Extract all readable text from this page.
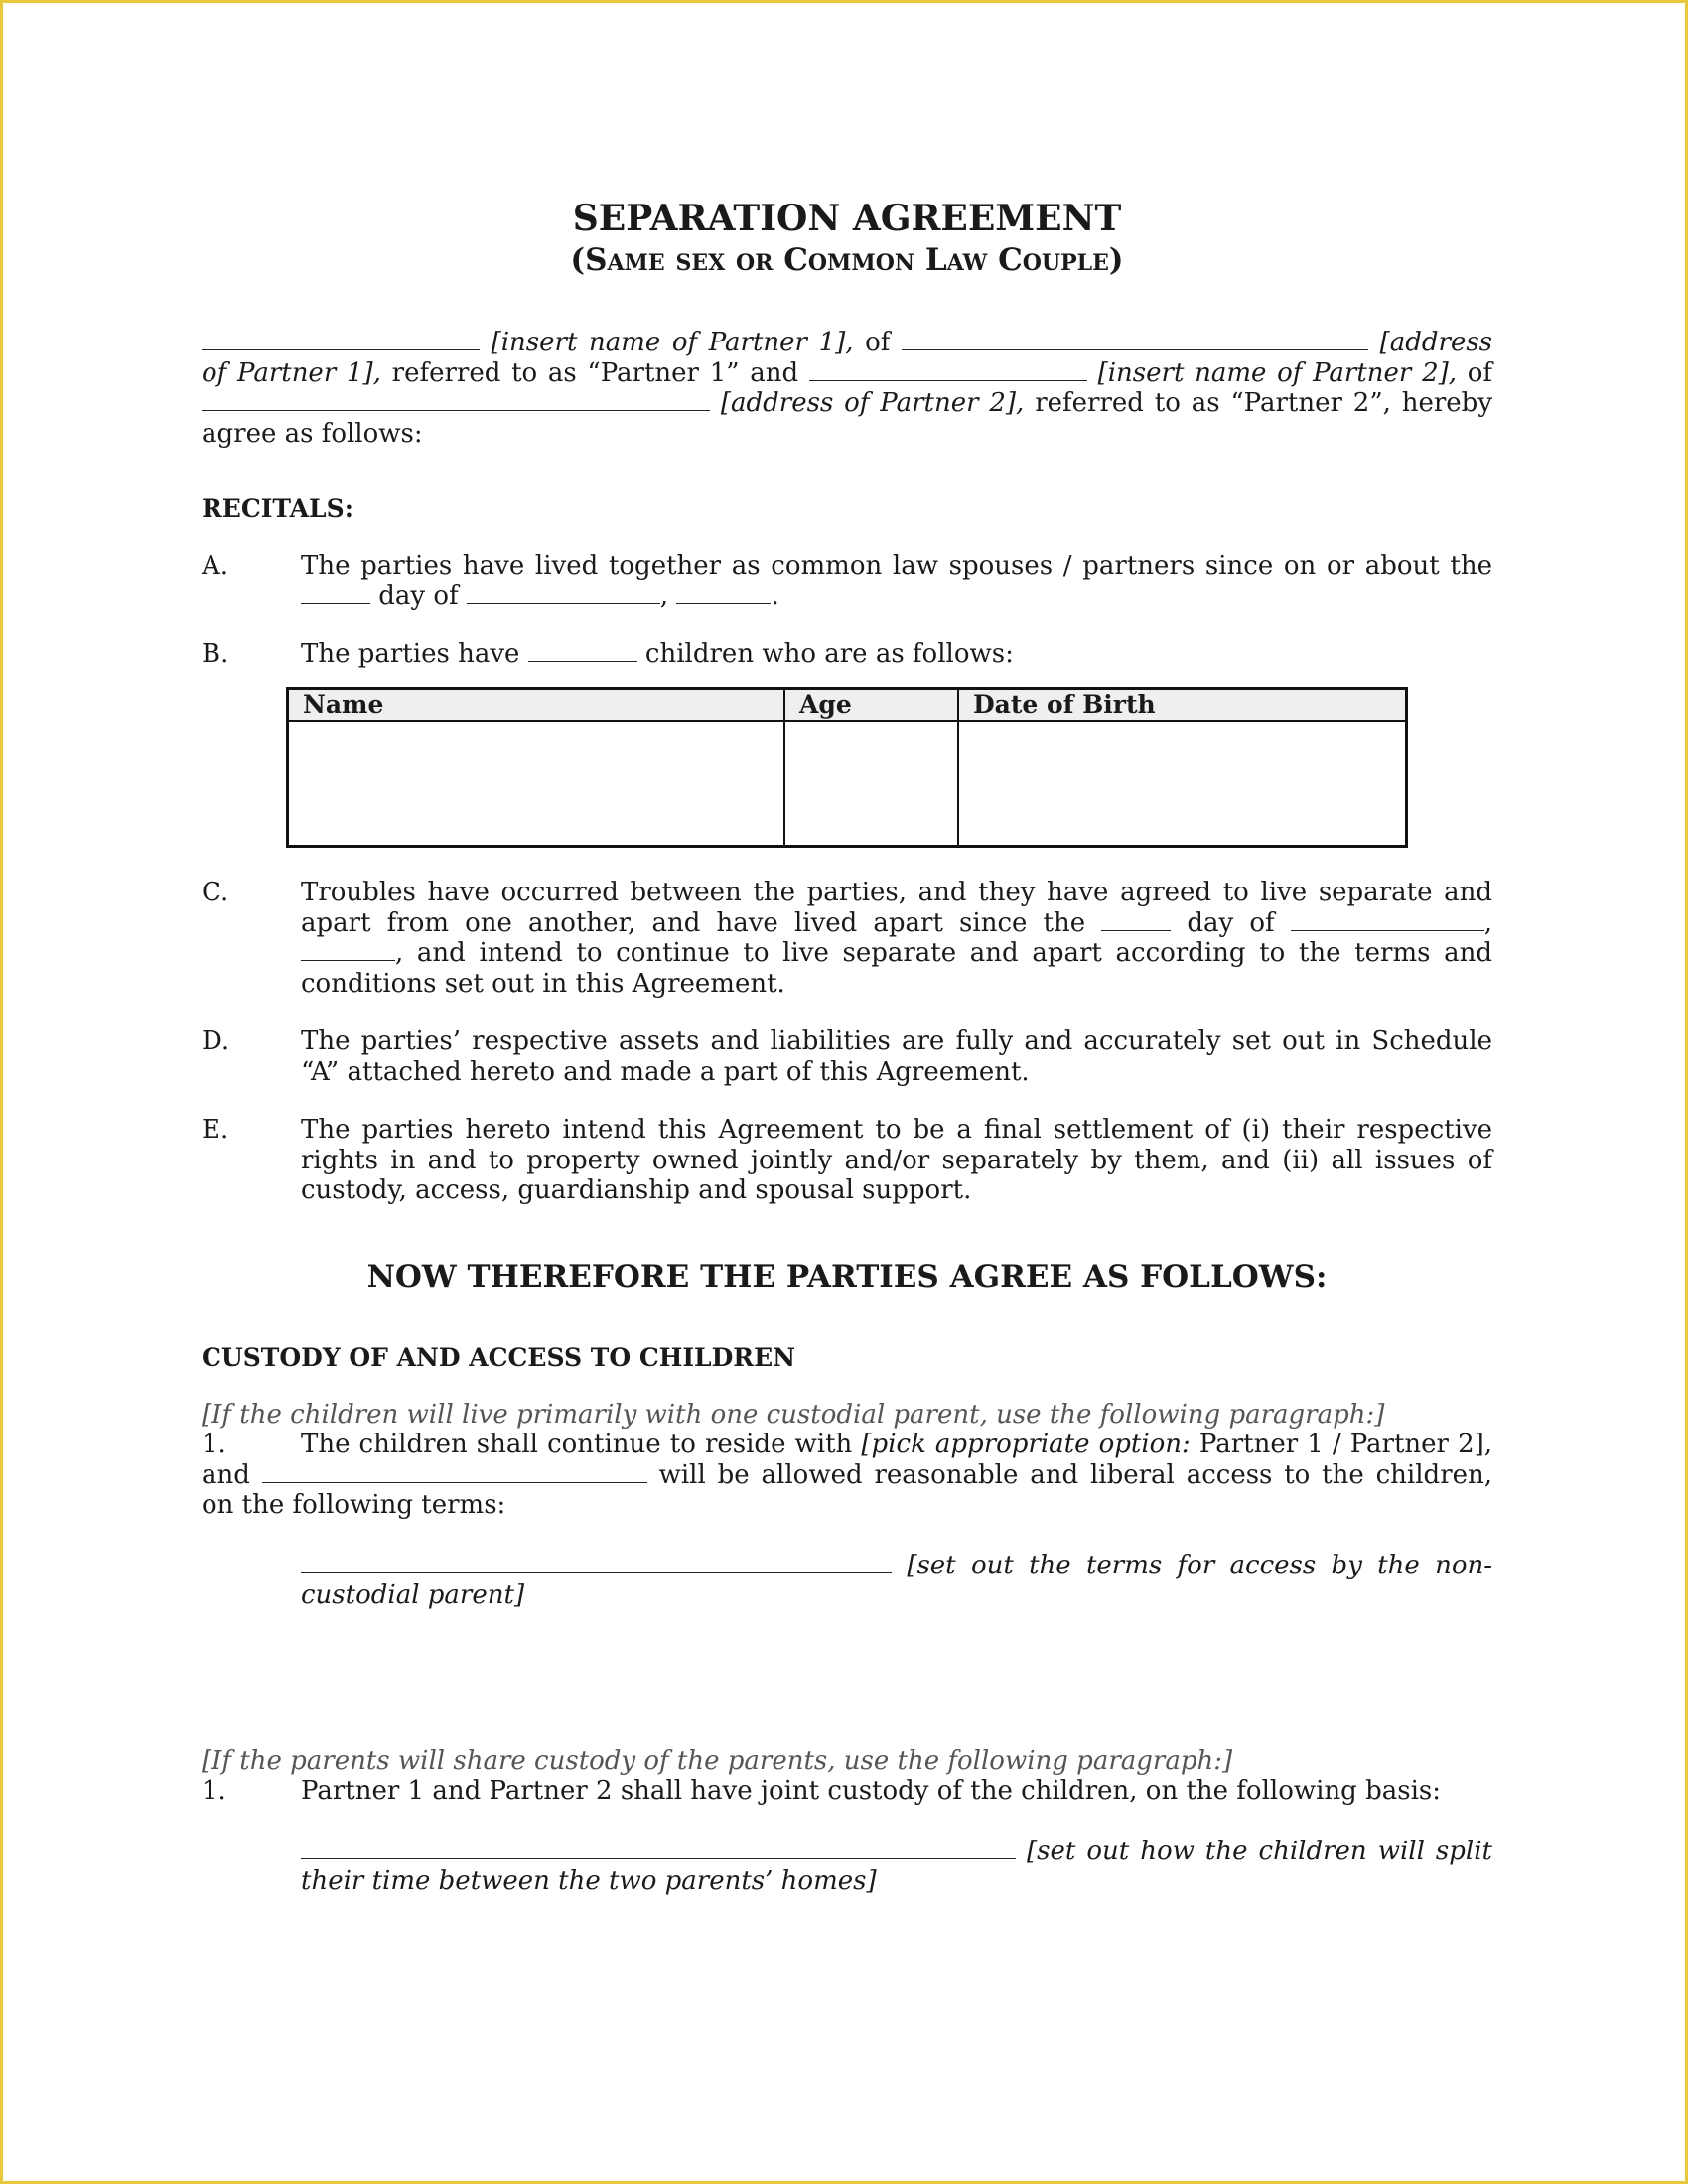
SEPARATION AGREEMENT

(Same sex or Common Law Couple)

[insert name of Partner 1], of	[address of Partner 1], referred to as “Partner 1” and	[insert name of Partner 2], of  [address of Partner 2], referred to as “Partner 2”, hereby agree as follows:

RECITALS:
A.	The parties have lived together as common law spouses / partners since on or about the  day of	,	.
B.	The parties have	children who are as follows:
Name	Age	Date of Birth

C.	Troubles have occurred between the parties, and they have agreed to live separate and apart from one another, and have lived apart since the	day of	, , and intend to continue to live separate and apart according to the terms and conditions set out in this Agreement.
D.	The parties’ respective assets and liabilities are fully and accurately set out in Schedule “A” attached hereto and made a part of this Agreement.
E.	The parties hereto intend this Agreement to be a final settlement of (i) their respective rights in and to property owned jointly and/or separately by them, and (ii) all issues of custody, access, guardianship and spousal support.
NOW THEREFORE THE PARTIES AGREE AS FOLLOWS:
CUSTODY OF AND ACCESS TO CHILDREN
[If the children will live primarily with one custodial parent, use the following paragraph:]

1.	The children shall continue to reside with [pick appropriate option: Partner 1 / Partner 2], and	will be allowed reasonable and liberal access to the children, on the following terms:

[set out the terms for access by the non-custodial parent]

[If the parents will share custody of the parents, use the following paragraph:]

1.	Partner 1 and Partner 2 shall have joint custody of the children, on the following basis:

[set out how the children will split their time between the two parents’ homes]
